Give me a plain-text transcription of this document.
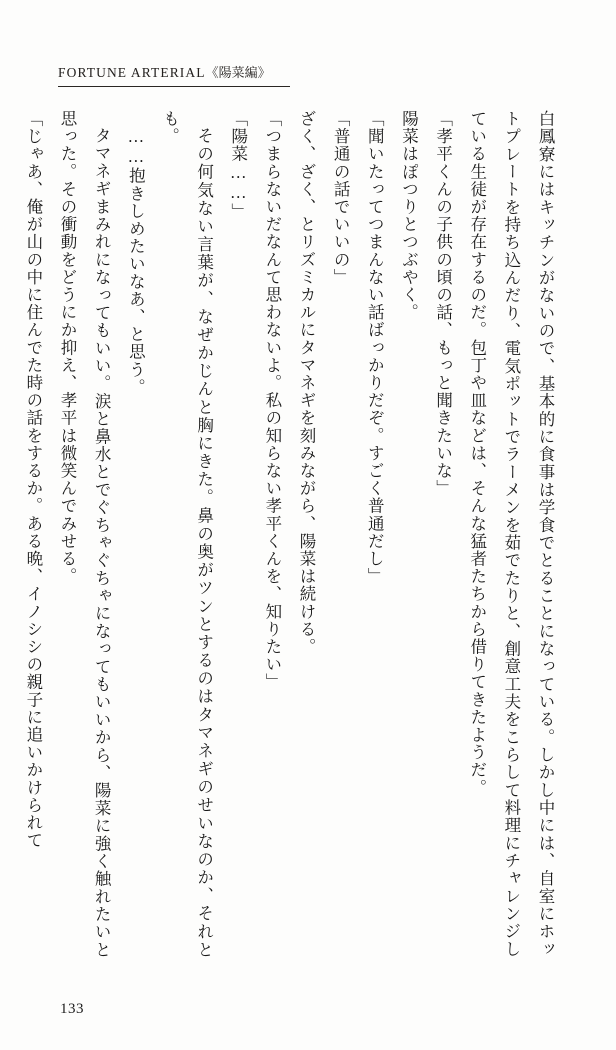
FORTUNE ARTERIAL《陽菜編》

白鳳寮にはキッチンがないので、基本的に食事は学食でとることになっている。しかし中には、自室にホットプレートを持ち込んだり、電気ポットでラーメンを茹でたりと、創意工夫をこらして料理にチャレンジしている生徒が存在するのだ。包丁や皿などは、そんな猛者たちから借りてきたようだ。

「孝平くんの子供の頃の話、もっと聞きたいな」

陽菜はぽつりとつぶやく。

「聞いたってつまんない話ばっかりだぞ。すごく普通だし」

「普通の話でいいの」

ざく、ざく、とリズミカルにタマネギを刻みながら、陽菜は続ける。

「つまらないだなんて思わないよ。私の知らない孝平くんを、知りたい」

「陽菜……」

その何気ない言葉が、なぜかじんと胸にきた。鼻の奥がツンとするのはタマネギのせいなのか、それとも。

……抱きしめたいなあ、と思う。

タマネギまみれになってもいい。涙と鼻水とでぐちゃぐちゃになってもいいから、陽菜に強く触れたいと思った。その衝動をどうにか抑え、孝平は微笑んでみせる。

「じゃあ、俺が山の中に住んでた時の話をするか。ある晩、イノシシの親子に追いかけられて

133
